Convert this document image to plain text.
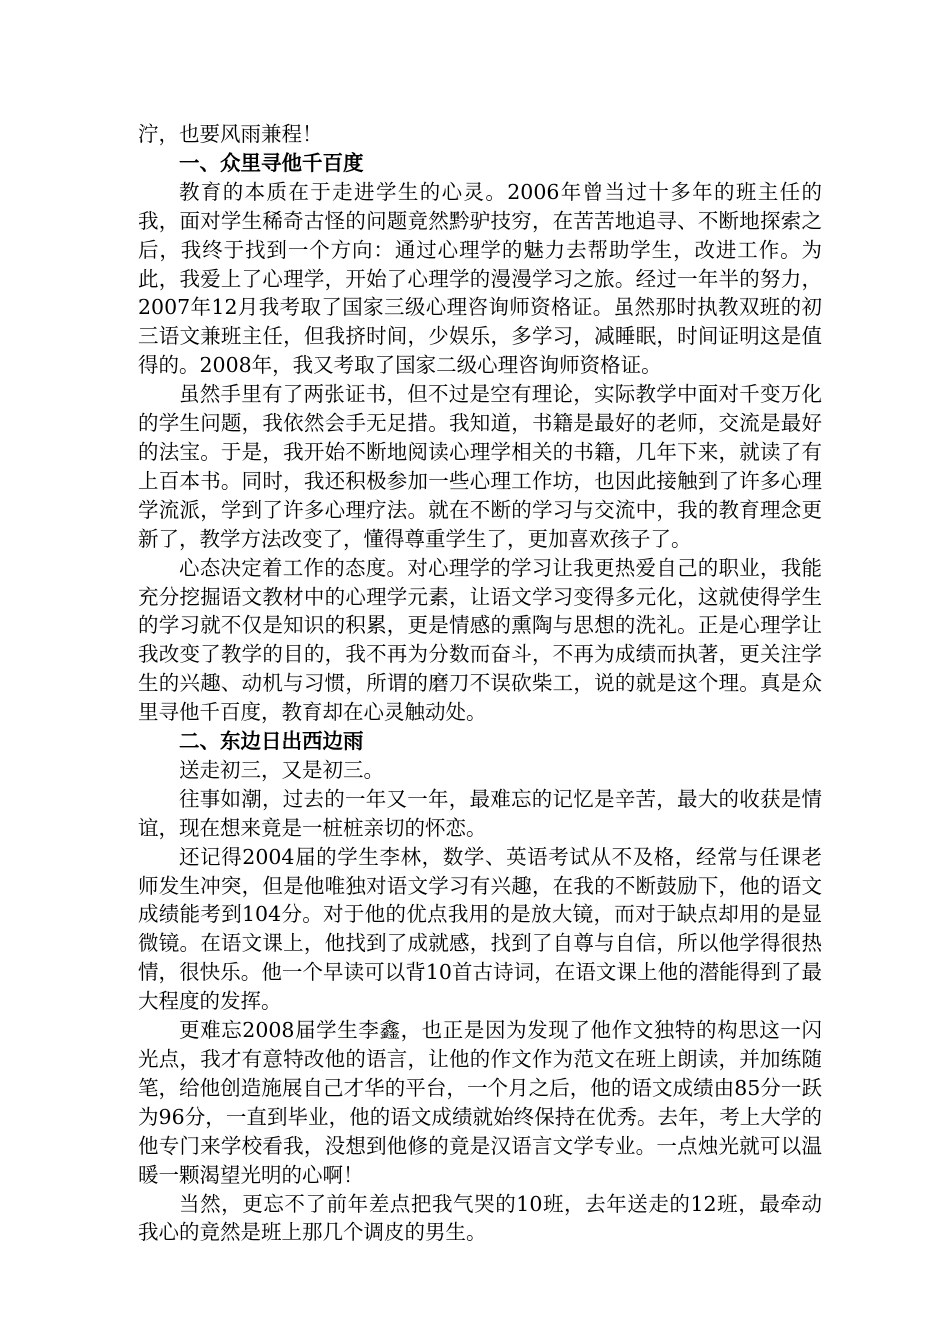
泞，也要风雨兼程！

一、众里寻他千百度

教育的本质在于走进学生的心灵。2006年曾当过十多年的班主任的我，面对学生稀奇古怪的问题竟然黔驴技穷，在苦苦地追寻、不断地探索之后，我终于找到一个方向：通过心理学的魅力去帮助学生，改进工作。为此，我爱上了心理学，开始了心理学的漫漫学习之旅。经过一年半的努力，2007年12月我考取了国家三级心理咨询师资格证。虽然那时执教双班的初三语文兼班主任，但我挤时间，少娱乐，多学习，减睡眠，时间证明这是值得的。2008年，我又考取了国家二级心理咨询师资格证。

虽然手里有了两张证书，但不过是空有理论，实际教学中面对千变万化的学生问题，我依然会手无足措。我知道，书籍是最好的老师，交流是最好的法宝。于是，我开始不断地阅读心理学相关的书籍，几年下来，就读了有上百本书。同时，我还积极参加一些心理工作坊，也因此接触到了许多心理学流派，学到了许多心理疗法。就在不断的学习与交流中，我的教育理念更新了，教学方法改变了，懂得尊重学生了，更加喜欢孩子了。

心态决定着工作的态度。对心理学的学习让我更热爱自己的职业，我能充分挖掘语文教材中的心理学元素，让语文学习变得多元化，这就使得学生的学习就不仅是知识的积累，更是情感的熏陶与思想的洗礼。正是心理学让我改变了教学的目的，我不再为分数而奋斗，不再为成绩而执著，更关注学生的兴趣、动机与习惯，所谓的磨刀不误砍柴工，说的就是这个理。真是众里寻他千百度，教育却在心灵触动处。

二、东边日出西边雨

送走初三，又是初三。

往事如潮，过去的一年又一年，最难忘的记忆是辛苦，最大的收获是情谊，现在想来竟是一桩桩亲切的怀恋。

还记得2004届的学生李林，数学、英语考试从不及格，经常与任课老师发生冲突，但是他唯独对语文学习有兴趣，在我的不断鼓励下，他的语文成绩能考到104分。对于他的优点我用的是放大镜，而对于缺点却用的是显微镜。在语文课上，他找到了成就感，找到了自尊与自信，所以他学得很热情，很快乐。他一个早读可以背10首古诗词，在语文课上他的潜能得到了最大程度的发挥。

更难忘2008届学生李鑫，也正是因为发现了他作文独特的构思这一闪光点，我才有意特改他的语言，让他的作文作为范文在班上朗读，并加练随笔，给他创造施展自己才华的平台，一个月之后，他的语文成绩由85分一跃为96分，一直到毕业，他的语文成绩就始终保持在优秀。去年，考上大学的他专门来学校看我，没想到他修的竟是汉语言文学专业。一点烛光就可以温暖一颗渴望光明的心啊！

当然，更忘不了前年差点把我气哭的10班，去年送走的12班，最牵动我心的竟然是班上那几个调皮的男生。
